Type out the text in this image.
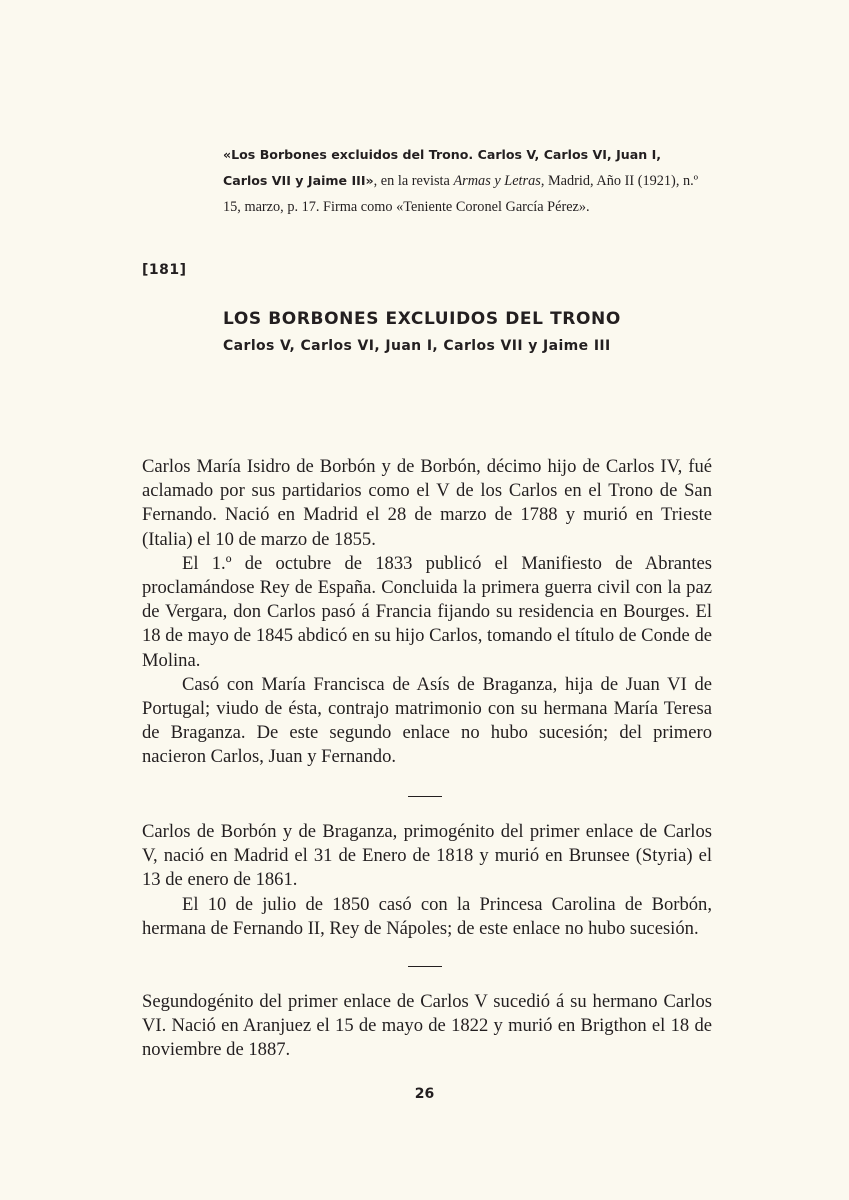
«Los Borbones excluidos del Trono. Carlos V, Carlos VI, Juan I, Carlos VII y Jaime III», en la revista Armas y Letras, Madrid, Año II (1921), n.º 15, marzo, p. 17. Firma como «Teniente Coronel García Pérez».
[181]
LOS BORBONES EXCLUIDOS DEL TRONO
Carlos V, Carlos VI, Juan I, Carlos VII y Jaime III

Carlos María Isidro de Borbón y de Borbón, décimo hijo de Carlos IV, fué aclamado por sus partidarios como el V de los Carlos en el Trono de San Fernando. Nació en Madrid el 28 de marzo de 1788 y murió en Trieste (Italia) el 10 de marzo de 1855.

El 1.º de octubre de 1833 publicó el Manifiesto de Abrantes proclamándose Rey de España. Concluida la primera guerra civil con la paz de Vergara, don Carlos pasó á Francia fijando su residencia en Bourges. El 18 de mayo de 1845 abdicó en su hijo Carlos, tomando el título de Conde de Molina.

Casó con María Francisca de Asís de Braganza, hija de Juan VI de Portugal; viudo de ésta, contrajo matrimonio con su hermana María Teresa de Braganza. De este segundo enlace no hubo sucesión; del primero nacieron Carlos, Juan y Fernando.

Carlos de Borbón y de Braganza, primogénito del primer enlace de Carlos V, nació en Madrid el 31 de Enero de 1818 y murió en Brunsee (Styria) el 13 de enero de 1861.

El 10 de julio de 1850 casó con la Princesa Carolina de Borbón, hermana de Fernando II, Rey de Nápoles; de este enlace no hubo sucesión.

Segundogénito del primer enlace de Carlos V sucedió á su hermano Carlos VI. Nació en Aranjuez el 15 de mayo de 1822 y murió en Brigthon el 18 de noviembre de 1887.

26
